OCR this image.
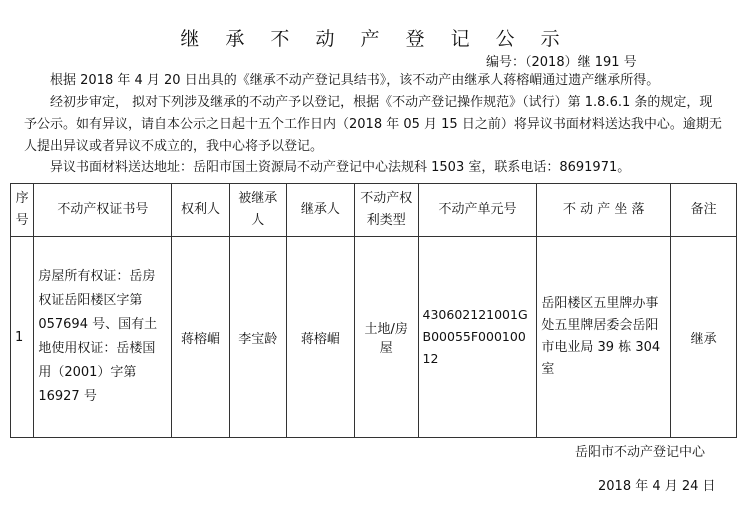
继 承 不 动 产 登 记 公 示
编号：（2018）继 191 号
根据 2018 年 4 月 20 日出具的《继承不动产登记具结书》，该不动产由继承人蒋榕嵋通过遗产继承所得。
经初步审定， 拟对下列涉及继承的不动产予以登记，根据《不动产登记操作规范》（试行）第 1.8.6.1 条的规定，现予公示。如有异议，请自本公示之日起十五个工作日内（2018 年 05 月 15 日之前）将异议书面材料送达我中心。逾期无人提出异议或者异议不成立的，我中心将予以登记。
异议书面材料送达地址：岳阳市国土资源局不动产登记中心法规科 1503 室，联系电话：8691971。
序号	不动产权证书号	权利人	被继承人	继承人	不动产权利类型	不动产单元号	不 动 产 坐 落	备注
1	房屋所有权证：岳房权证岳阳楼区字第 057694 号、国有土地使用权证：岳楼国用（2001）字第 16927 号	蒋榕嵋	李宝龄	蒋榕嵋	土地/房屋	430602121001GB00055F00010012	岳阳楼区五里牌办事处五里牌居委会岳阳市电业局 39 栋 304 室	继承
岳阳市不动产登记中心
2018 年 4 月 24 日
